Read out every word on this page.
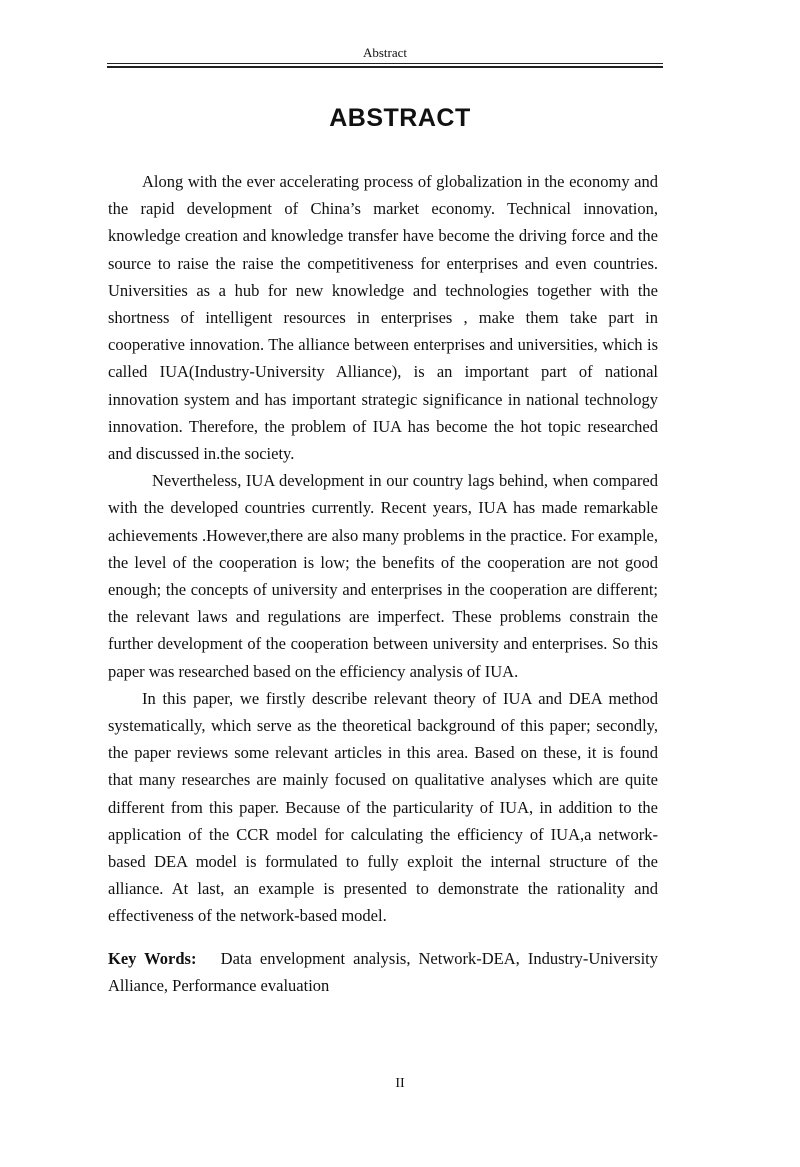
Abstract
ABSTRACT

Along with the ever accelerating process of globalization in the economy and the rapid development of China’s market economy. Technical innovation, knowledge creation and knowledge transfer have become the driving force and the source to raise the raise the competitiveness for enterprises and even countries. Universities as a hub for new knowledge and technologies together with the shortness of intelligent resources in enterprises , make them take part in cooperative innovation. The alliance between enterprises and universities, which is called IUA(Industry-University Alliance), is an important part of national innovation system and has important strategic significance in national technology innovation. Therefore, the problem of IUA has become the hot topic researched and discussed in.the society.

Nevertheless, IUA development in our country lags behind, when compared with the developed countries currently. Recent years, IUA has made remarkable achievements .However,there are also many problems in the practice. For example, the level of the cooperation is low; the benefits of the cooperation are not good enough; the concepts of university and enterprises in the cooperation are different; the relevant laws and regulations are imperfect. These problems constrain the further development of the cooperation between university and enterprises. So this paper was researched based on the efficiency analysis of IUA.

In this paper, we firstly describe relevant theory of IUA and DEA method systematically, which serve as the theoretical background of this paper; secondly, the paper reviews some relevant articles in this area. Based on these, it is found that many researches are mainly focused on qualitative analyses which are quite different from this paper. Because of the particularity of IUA, in addition to the application of the CCR model for calculating the efficiency of IUA,a network-based DEA model is formulated to fully exploit the internal structure of the alliance. At last, an example is presented to demonstrate the rationality and effectiveness of the network-based model.

Key Words: Data envelopment analysis, Network-DEA, Industry-University Alliance, Performance evaluation
II
